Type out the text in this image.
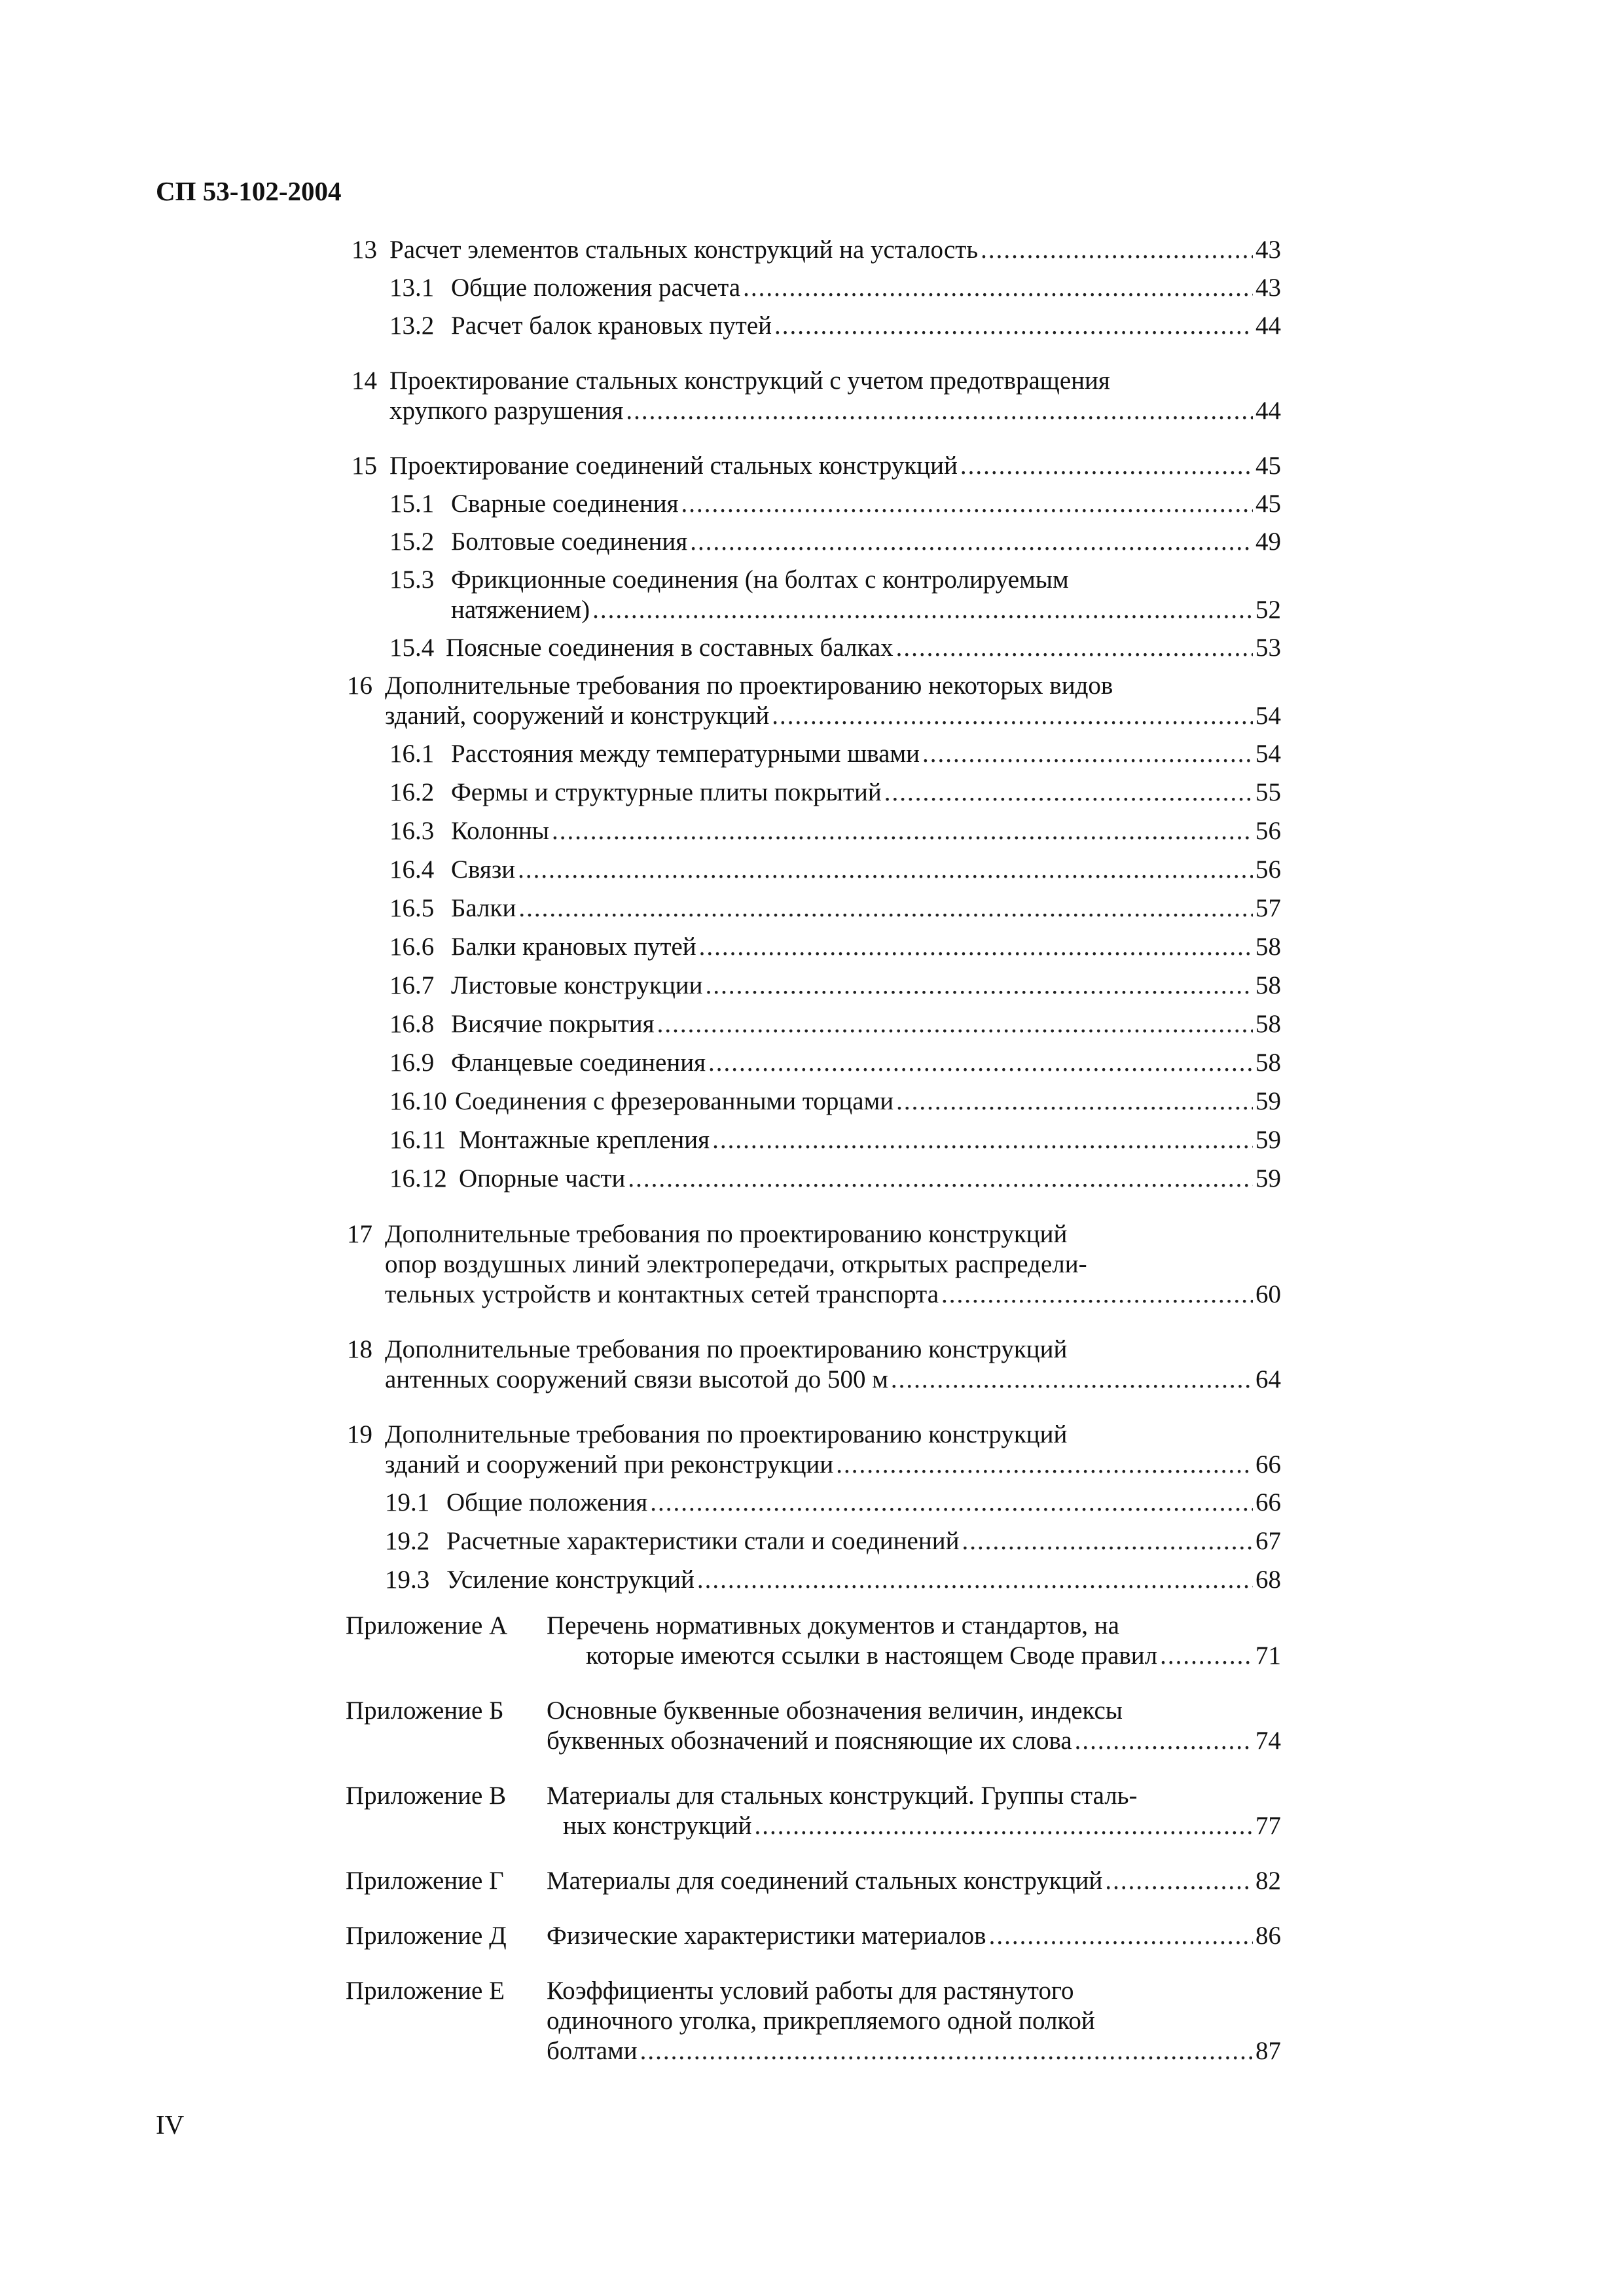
СП 53-102-2004
13 Расчет элементов стальных конструкций на усталость .....	43
13.1 Общие положения расчета .....	43
13.2 Расчет балок крановых путей .....	44
14 Проектирование стальных конструкций с учетом предотвращения
хрупкого разрушения .....	44
15 Проектирование соединений стальных конструкций .....	45
15.1 Сварные соединения .....	45
15.2 Болтовые соединения .....	49
15.3 Фрикционные соединения (на болтах с контролируемым
натяжением) .....	52
15.4 Поясные соединения в составных балках .....	53
16 Дополнительные требования по проектированию некоторых видов
зданий, сооружений и конструкций .....	54
16.1 Расстояния между температурными швами .....	54
16.2 Фермы и структурные плиты покрытий .....	55
16.3 Колонны .....	56
16.4 Связи .....	56
16.5 Балки .....	57
16.6 Балки крановых путей .....	58
16.7 Листовые конструкции .....	58
16.8 Висячие покрытия .....	58
16.9 Фланцевые соединения .....	58
16.10 Соединения с фрезерованными торцами .....	59
16.11 Монтажные крепления .....	59
16.12 Опорные части .....	59
17 Дополнительные требования по проектированию конструкций
опор воздушных линий электропередачи, открытых распредели-
тельных устройств и контактных сетей транспорта .....	60
18 Дополнительные требования по проектированию конструкций
антенных сооружений связи высотой до 500 м .....	64
19 Дополнительные требования по проектированию конструкций
зданий и сооружений при реконструкции .....	66
19.1 Общие положения .....	66
19.2 Расчетные характеристики стали и соединений .....	67
19.3 Усиление конструкций .....	68
Приложение А Перечень нормативных документов и стандартов, на
которые имеются ссылки в настоящем Своде правил .....	71
Приложение Б Основные буквенные обозначения величин, индексы
буквенных обозначений и поясняющие их слова .....	74
Приложение В Материалы для стальных конструкций. Группы сталь-
ных конструкций .....	77
Приложение Г Материалы для соединений стальных конструкций .....	82
Приложение Д Физические характеристики материалов .....	86
Приложение Е Коэффициенты условий работы для растянутого
одиночного уголка, прикрепляемого одной полкой
болтами .....	87
IV
